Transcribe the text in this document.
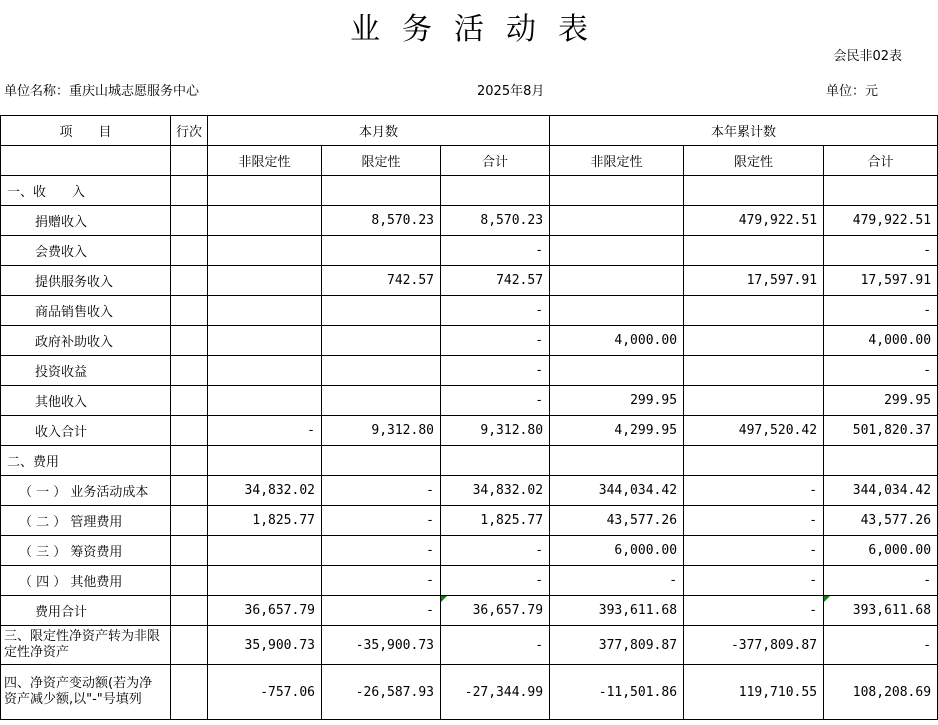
业务活动表
会民非02表
单位名称：重庆山城志愿服务中心	2025年8月	单位：元
项　　目	行次	本月数			本年累计数		
		非限定性	限定性	合计	非限定性	限定性	合计
一、收　　入							
捐赠收入			8,570.23	8,570.23		479,922.51	479,922.51
会费收入				-			-
提供服务收入			742.57	742.57		17,597.91	17,597.91
商品销售收入				-			-
政府补助收入				-	4,000.00		4,000.00
投资收益				-			-
其他收入				-	299.95		299.95
收入合计		-	9,312.80	9,312.80	4,299.95	497,520.42	501,820.37
二、费用							
（ 一 ） 业务活动成本		34,832.02	-	34,832.02	344,034.42	-	344,034.42
（ 二 ） 管理费用		1,825.77	-	1,825.77	43,577.26	-	43,577.26
（ 三 ） 筹资费用			-	-	6,000.00	-	6,000.00
（ 四 ） 其他费用			-	-	-	-	-
费用合计		36,657.79	-	36,657.79	393,611.68	-	393,611.68
三、限定性净资产转为非限定性净资产		35,900.73	-35,900.73	-	377,809.87	-377,809.87	-
四、净资产变动额(若为净资产减少额,以"-"号填列		-757.06	-26,587.93	-27,344.99	-11,501.86	119,710.55	108,208.69
